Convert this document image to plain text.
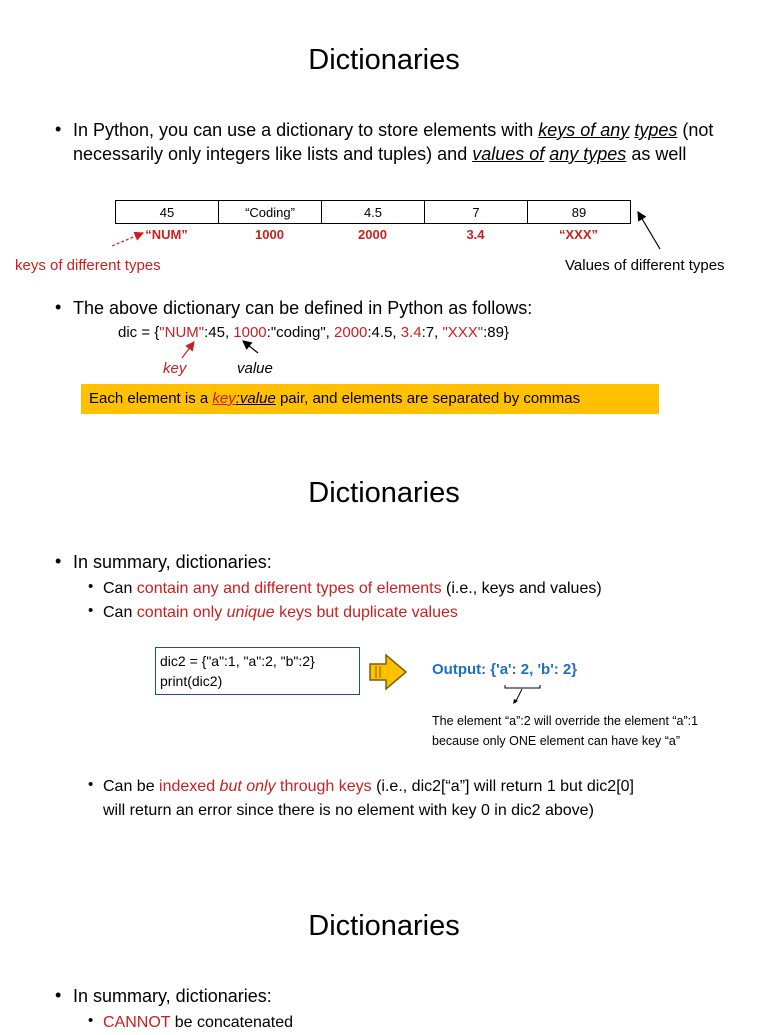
Dictionaries
• In Python, you can use a dictionary to store elements with keys of any types (not necessarily only integers like lists and tuples) and values of any types as well
45	“Coding”	4.5	7	89
“NUM”	1000	2000	3.4	“XXX”
keys of different types	Values of different types
• The above dictionary can be defined in Python as follows:
dic = {"NUM":45, 1000:"coding", 2000:4.5, 3.4:7, "XXX":89}
key	value
Each element is a key:value pair, and elements are separated by commas
Dictionaries
• In summary, dictionaries:
• Can contain any and different types of elements (i.e., keys and values)
• Can contain only unique keys but duplicate values
dic2 = {"a":1, "a":2, "b":2}
print(dic2)
Output: {'a': 2, 'b': 2}
The element “a”:2 will override the element “a”:1
because only ONE element can have key “a”
• Can be indexed but only through keys (i.e., dic2[“a”] will return 1 but dic2[0]
will return an error since there is no element with key 0 in dic2 above)
Dictionaries
• In summary, dictionaries:
• CANNOT be concatenated
